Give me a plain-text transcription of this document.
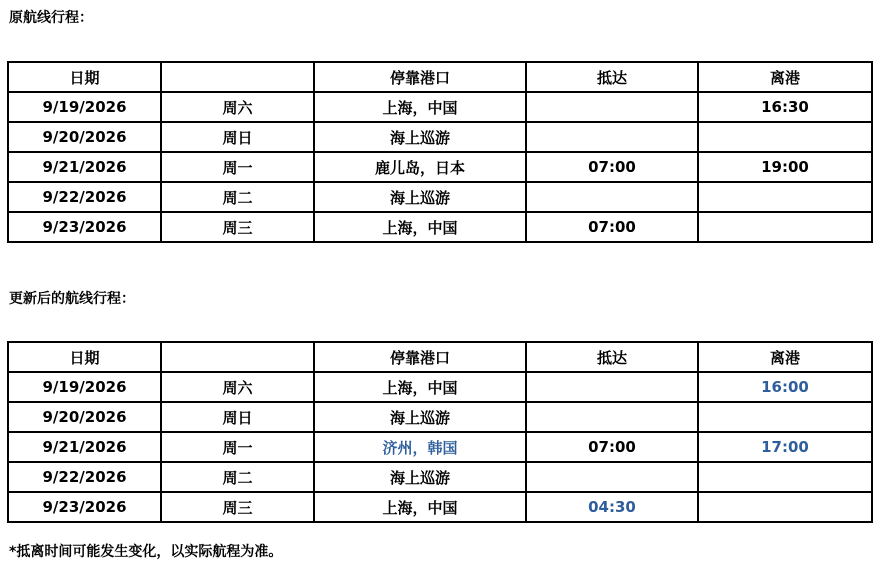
原航线行程：
日期		停靠港口	抵达	离港
9/19/2026	周六	上海，中国		16:30
9/20/2026	周日	海上巡游		
9/21/2026	周一	鹿儿岛，日本	07:00	19:00
9/22/2026	周二	海上巡游		
9/23/2026	周三	上海，中国	07:00	
更新后的航线行程：
日期		停靠港口	抵达	离港
9/19/2026	周六	上海，中国		16:00
9/20/2026	周日	海上巡游		
9/21/2026	周一	济州，韩国	07:00	17:00
9/22/2026	周二	海上巡游		
9/23/2026	周三	上海，中国	04:30	
*抵离时间可能发生变化，以实际航程为准。
